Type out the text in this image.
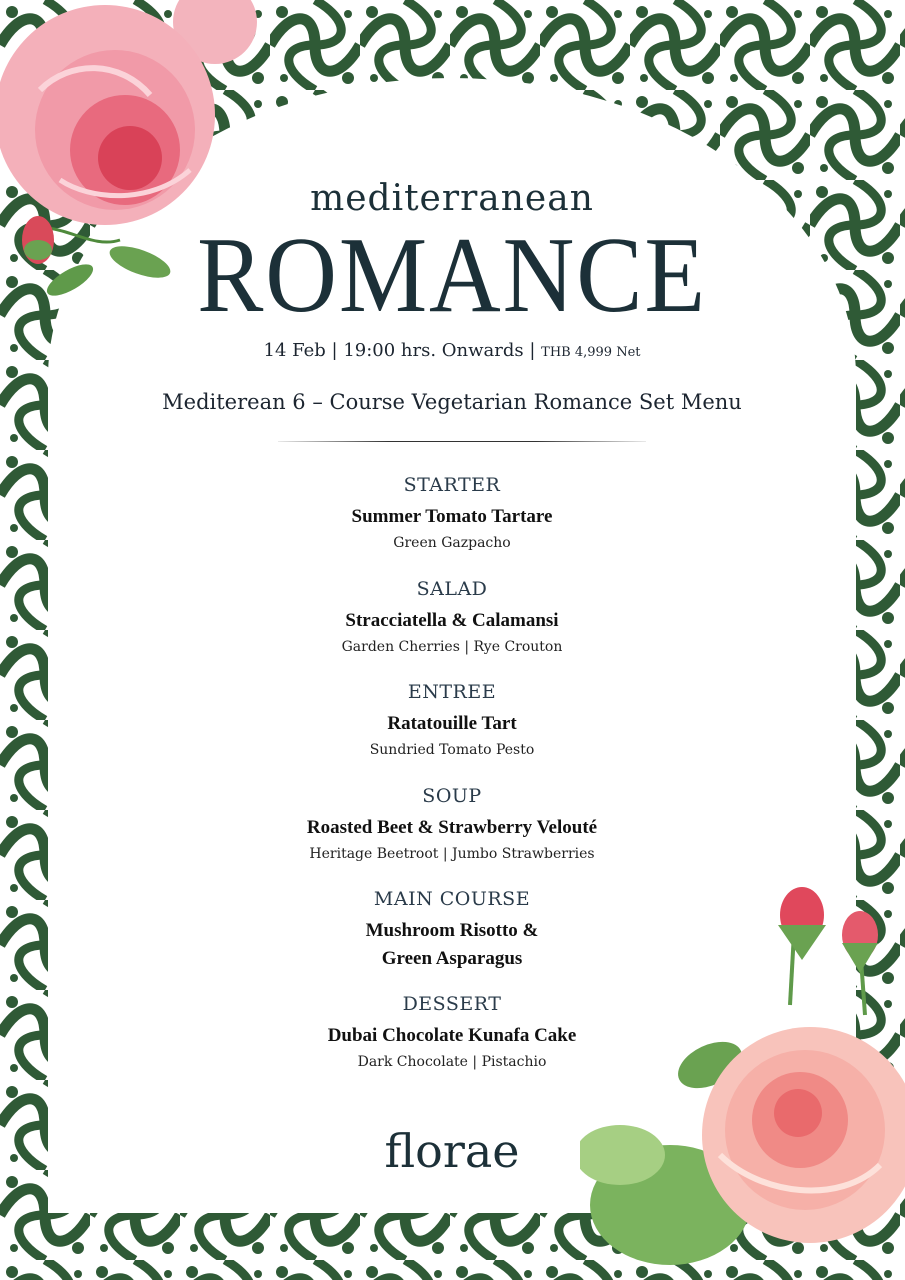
mediterranean
ROMANCE
14 Feb | 19:00 hrs. Onwards | THB 4,999 Net
Mediterean 6 – Course Vegetarian Romance Set Menu
STARTER
Summer Tomato Tartare
Green Gazpacho
SALAD
Stracciatella & Calamansi
Garden Cherries | Rye Crouton
ENTREE
Ratatouille Tart
Sundried Tomato Pesto
SOUP
Roasted Beet & Strawberry Velouté
Heritage Beetroot | Jumbo Strawberries
MAIN COURSE
Mushroom Risotto &
Green Asparagus
DESSERT
Dubai Chocolate Kunafa Cake
Dark Chocolate | Pistachio
florae
